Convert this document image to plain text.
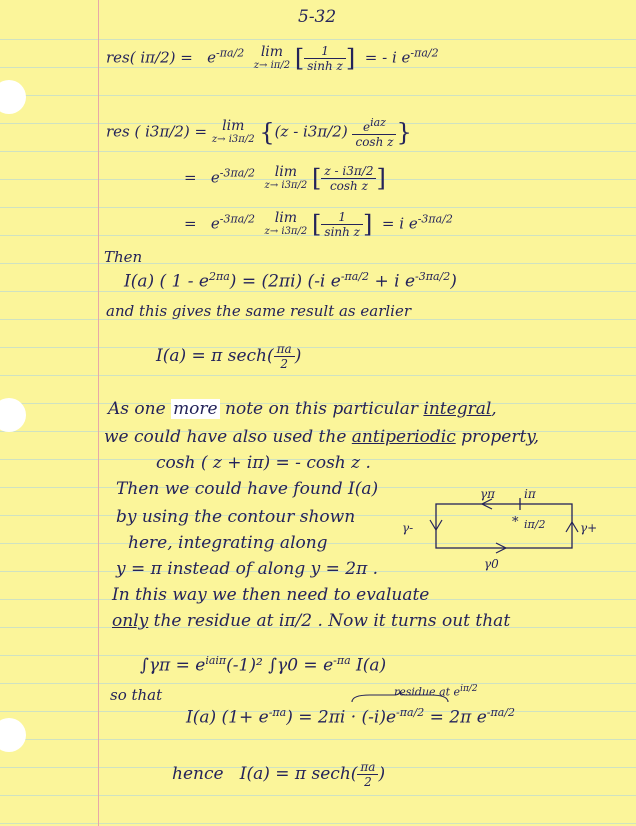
5-32
res( $i\pi/2) = e^{-\pi a/2}$	lim
z→ iπ/2 [ $\frac{1}{\text{sinh z}}$ ] = - i $e^{-\pi a/2}$
res ( i3π/2) =	lim
z→ i3π/2 {$(z - i3\pi/2) \frac{\text{eiaz}}{\text{cosh z}}$ }
= $e^{-3\pi a/2}$	lim
z→ i3π/2 [ $\frac{z - i3\pi/2}{\text{cosh z}}$ ]
= $e^{-3\pi a/2}$	lim
z→ i3π/2 [ $\frac{1}{\text{sinh z}}$ ] = i $e^{-3\pi a/2}$
Then
I(a) ( $1 - e^{2\pi a}) = (2\pi i)$ (-i $e^{-\pi a/2} + i$ $e^{-3\pi a/2}$)
and this gives the same result as earlier
I(a) = π $\sec h( \frac{\pi a}{2}$ )
As one more note on this particular integral,
we could have also used the antiperiodic property,
cosh ( z + iπ) = - cosh z .
Then we could have found I(a)
by using the contour shown
here, integrating along
y = π instead of along y = 2π .
In this way we then need to evaluate
only the residue at iπ/2 . Now it turns out that
*
γπ iπ
iπ/2
γ-	γ+
γ0
$\int\gamma\pi = e^{iai\pi}(-1)^2$ $\int\gamma 0 = e^{-\pi a}$ I(a)
so that	residue at $e^{i\pi/2}$
I(a) $(1+ e^{-\pi a}) = 2\pi i \cdot (-i)e^{-\pi a/2} = 2\pi$ $e^{-\pi a/2}$
hence I(a) = π $\sec h( \frac{\pi a}{2}$ )
